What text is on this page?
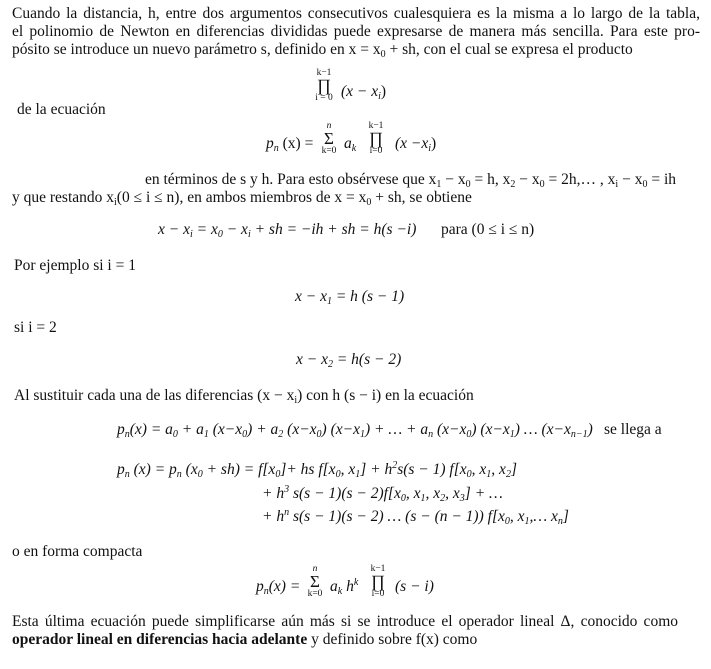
Cuando la distancia, h, entre dos argumentos consecutivos cualesquiera es la misma a lo largo de la tabla,
el polinomio de Newton en diferencias divididas puede expresarse de manera más sencilla. Para este pro-
pósito se introduce un nuevo parámetro s, definido en $x = x_0$ + sh, con el cual se expresa el producto
k−1
∏
i = 0 $(x - x_i)$
de la ecuación
$p_n$ (x) =
n
Σ
k=0 $a_k$
k−1
∏
i=0 $(x -x_i)$
en términos de s y h. Para esto obsérvese que $x_1 - x_0 = h$, $x_2 - x_0$ = 2h,… , $x_i - x_0$ = ih
y que restando $x_i(0 \le i \le n)$, en ambos miembros de $x = x_0$ + sh, se obtiene
$x - x_i = x_0 - x_i$ + sh = −ih + sh = h(s −i) para (0 ≤ i ≤ n)
Por ejemplo si i = 1
$x - x_1 = h$ (s − 1)
si i = 2
$x - x_2 = h(s - 2)$
Al sustituir cada una de las diferencias $(x - x_i)$ con h (s − i) en la ecuación
$p_n(x) = a_0 + a_1$ $(x-x_0) + a_2$ $(x-x_0) (x-x_1)$ + … + $a_n$ $(x-x_0)$ $(x-x_1)$ … $(x-x_{n-1})$ se llega a
$p_n$ $(x) = p_n$ $(x_0 + sh) = f[x_0]+$ hs $f[x_0$, $x_1] + h^2s(s - 1)$ $f[x_0$, $x_1$, $x_2$]
+ $h^3$ $s(s - 1)(s - 2)f[x_0$, $x_1$, $x_2$, $x_3$] + …
+ $h^n$ s(s − 1)(s − 2) … (s − (n − 1)) $f[x_0$, $x_1,\dots$ $x_n$]
o en forma compacta
$p_n(x)$ =
n
Σ
k=0 $a_k$ $h^k$
k−1
∏
i=0 (s − i)
Esta última ecuación puede simplificarse aún más si se introduce el operador lineal Δ, conocido como
operador lineal en diferencias hacia adelante y definido sobre f(x) como
